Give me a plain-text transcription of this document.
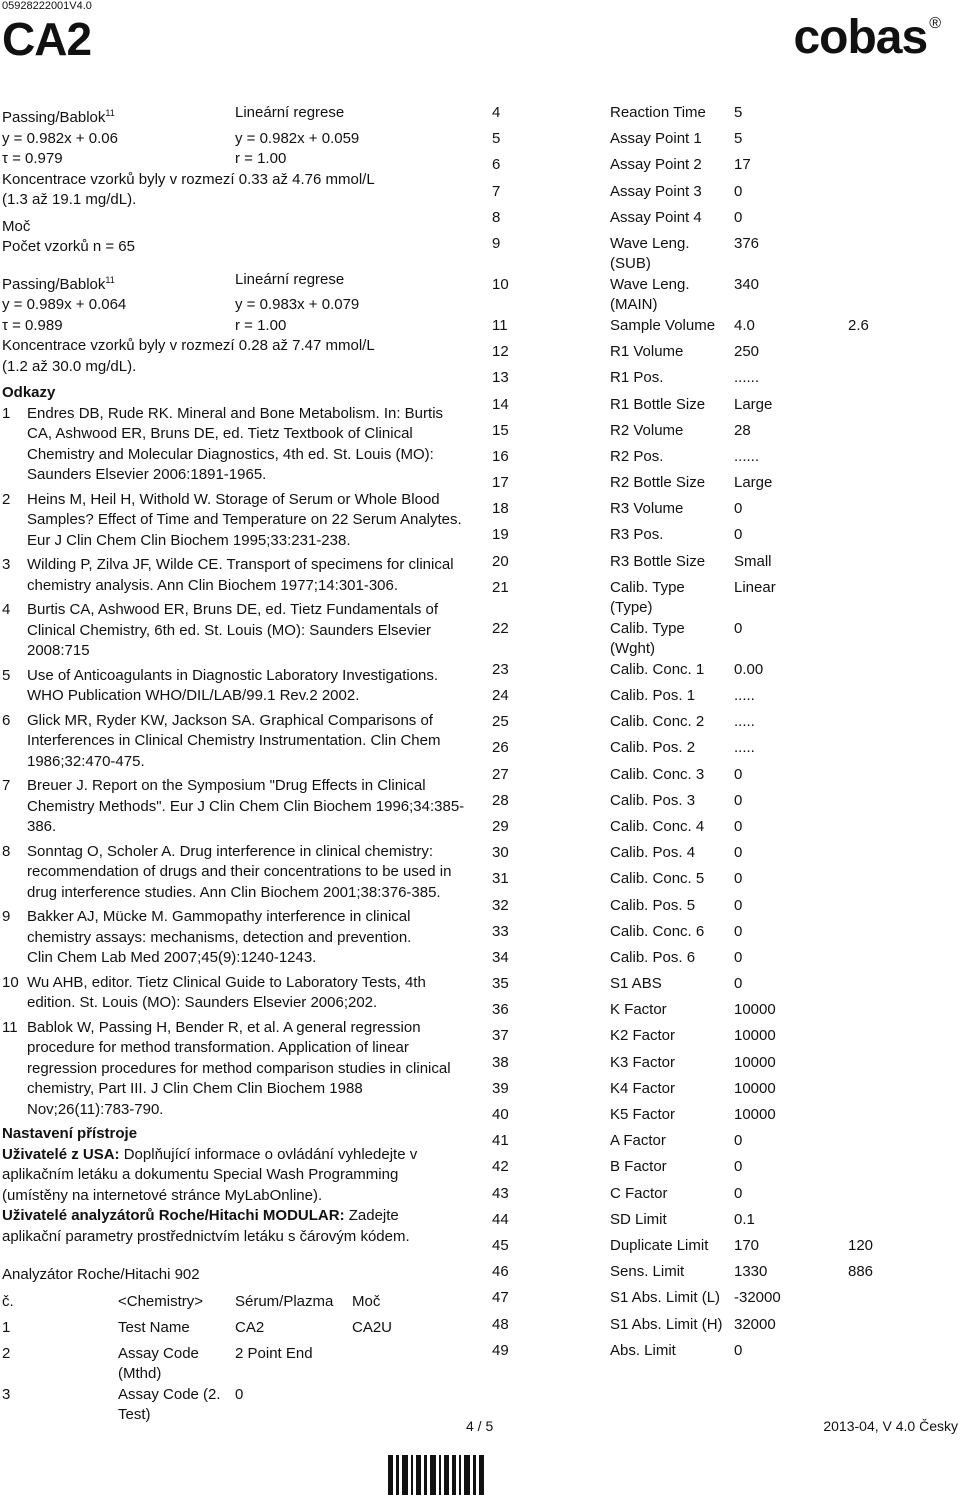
05928222001V4.0
CA2	cobas ®

Passing/Bablok$^{11}$	Lineární regrese

y = 0.982x + 0.06	y = 0.982x + 0.059

τ = 0.979	r = 1.00

Koncentrace vzorků byly v rozmezí 0.33 až 4.76 mmol/L (1.3 až 19.1 mg/dL).

Moč

Počet vzorků n = 65

Passing/Bablok$^{11}$	Lineární regrese

y = 0.989x + 0.064	y = 0.983x + 0.079

τ = 0.989	r = 1.00

Koncentrace vzorků byly v rozmezí 0.28 až 7.47 mmol/L (1.2 až 30.0 mg/dL).

Odkazy

1	Endres DB, Rude RK. Mineral and Bone Metabolism. In: Burtis CA, Ashwood ER, Bruns DE, ed. Tietz Textbook of Clinical Chemistry and Molecular Diagnostics, 4th ed. St. Louis (MO): Saunders Elsevier 2006:1891-1965.
2	Heins M, Heil H, Withold W. Storage of Serum or Whole Blood Samples? Effect of Time and Temperature on 22 Serum Analytes. Eur J Clin Chem Clin Biochem 1995;33:231-238.
3	Wilding P, Zilva JF, Wilde CE. Transport of specimens for clinical chemistry analysis. Ann Clin Biochem 1977;14:301-306.
4	Burtis CA, Ashwood ER, Bruns DE, ed. Tietz Fundamentals of Clinical Chemistry, 6th ed. St. Louis (MO): Saunders Elsevier 2008:715
5	Use of Anticoagulants in Diagnostic Laboratory Investigations. WHO Publication WHO/DIL/LAB/99.1 Rev.2 2002.
6	Glick MR, Ryder KW, Jackson SA. Graphical Comparisons of Interferences in Clinical Chemistry Instrumentation. Clin Chem 1986;32:470-475.
7	Breuer J. Report on the Symposium "Drug Effects in Clinical Chemistry Methods". Eur J Clin Chem Clin Biochem 1996;34:385-386.
8	Sonntag O, Scholer A. Drug interference in clinical chemistry: recommendation of drugs and their concentrations to be used in drug interference studies. Ann Clin Biochem 2001;38:376-385.
9	Bakker AJ, Mücke M. Gammopathy interference in clinical chemistry assays: mechanisms, detection and prevention.
Clin Chem Lab Med 2007;45(9):1240-1243.
10 Wu AHB, editor. Tietz Clinical Guide to Laboratory Tests, 4th edition. St. Louis (MO): Saunders Elsevier 2006;202.
11 Bablok W, Passing H, Bender R, et al. A general regression procedure for method transformation. Application of linear regression procedures for method comparison studies in clinical chemistry, Part III. J Clin Chem Clin Biochem 1988 Nov;26(11):783-790.

Nastavení přístroje

Uživatelé z USA: Doplňující informace o ovládání vyhledejte v aplikačním letáku a dokumentu Special Wash Programming (umístěny na internetové stránce MyLabOnline).

Uživatelé analyzátorů Roche/Hitachi MODULAR: Zadejte aplikační parametry prostřednictvím letáku s čárovým kódem.

Analyzátor Roche/Hitachi 902

č.	<Chemistry>	Sérum/Plazma	Moč
1	Test Name	CA2	CA2U
2	Assay Code (Mthd)	2 Point End	
3	Assay Code (2. Test)	0	
4	Reaction Time	5	
5	Assay Point 1	5	
6	Assay Point 2	17	
7	Assay Point 3	0	
8	Assay Point 4	0	
9	Wave Leng. (SUB)	376	
10	Wave Leng. (MAIN)	340	
11	Sample Volume	4.0	2.6
12	R1 Volume	250	
13	R1 Pos.	......	
14	R1 Bottle Size	Large	
15	R2 Volume	28	
16	R2 Pos.	......	
17	R2 Bottle Size	Large	
18	R3 Volume	0	
19	R3 Pos.	0	
20	R3 Bottle Size	Small	
21	Calib. Type (Type)	Linear	
22	Calib. Type (Wght)	0	
23	Calib. Conc. 1	0.00	
24	Calib. Pos. 1	.....	
25	Calib. Conc. 2	.....	
26	Calib. Pos. 2	.....	
27	Calib. Conc. 3	0	
28	Calib. Pos. 3	0	
29	Calib. Conc. 4	0	
30	Calib. Pos. 4	0	
31	Calib. Conc. 5	0	
32	Calib. Pos. 5	0	
33	Calib. Conc. 6	0	
34	Calib. Pos. 6	0	
35	S1 ABS	0	
36	K Factor	10000	
37	K2 Factor	10000	
38	K3 Factor	10000	
39	K4 Factor	10000	
40	K5 Factor	10000	
41	A Factor	0	
42	B Factor	0	
43	C Factor	0	
44	SD Limit	0.1	
45	Duplicate Limit	170	120
46	Sens. Limit	1330	886
47	S1 Abs. Limit (L)	-32000	
48	S1 Abs. Limit (H)	32000	
49	Abs. Limit	0	
4 / 5	2013-04, V 4.0 Česky
